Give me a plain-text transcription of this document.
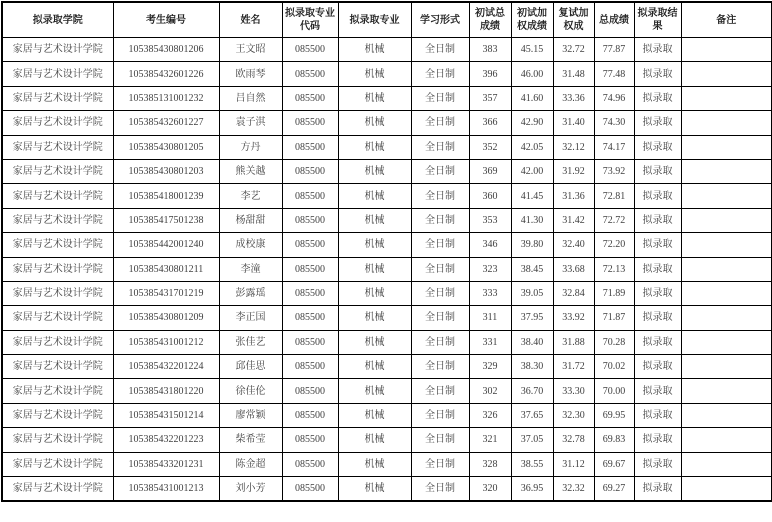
拟录取学院	考生编号	姓名	拟录取专业代码	拟录取专业	学习形式	初试总成绩	初试加权成绩	复试加权成	总成绩	拟录取结果	备注
家居与艺术设计学院	105385430801206	王文昭	085500	机械	全日制	383	45.15	32.72	77.87	拟录取	
家居与艺术设计学院	105385432601226	欧雨琴	085500	机械	全日制	396	46.00	31.48	77.48	拟录取	
家居与艺术设计学院	105385131001232	吕自然	085500	机械	全日制	357	41.60	33.36	74.96	拟录取	
家居与艺术设计学院	105385432601227	袁子淇	085500	机械	全日制	366	42.90	31.40	74.30	拟录取	
家居与艺术设计学院	105385430801205	方丹	085500	机械	全日制	352	42.05	32.12	74.17	拟录取	
家居与艺术设计学院	105385430801203	熊关越	085500	机械	全日制	369	42.00	31.92	73.92	拟录取	
家居与艺术设计学院	105385418001239	李艺	085500	机械	全日制	360	41.45	31.36	72.81	拟录取	
家居与艺术设计学院	105385417501238	杨甜甜	085500	机械	全日制	353	41.30	31.42	72.72	拟录取	
家居与艺术设计学院	105385442001240	成校康	085500	机械	全日制	346	39.80	32.40	72.20	拟录取	
家居与艺术设计学院	105385430801211	李潼	085500	机械	全日制	323	38.45	33.68	72.13	拟录取	
家居与艺术设计学院	105385431701219	彭露瑶	085500	机械	全日制	333	39.05	32.84	71.89	拟录取	
家居与艺术设计学院	105385430801209	李正国	085500	机械	全日制	311	37.95	33.92	71.87	拟录取	
家居与艺术设计学院	105385431001212	张佳艺	085500	机械	全日制	331	38.40	31.88	70.28	拟录取	
家居与艺术设计学院	105385432201224	邱佳思	085500	机械	全日制	329	38.30	31.72	70.02	拟录取	
家居与艺术设计学院	105385431801220	徐佳伦	085500	机械	全日制	302	36.70	33.30	70.00	拟录取	
家居与艺术设计学院	105385431501214	廖常颖	085500	机械	全日制	326	37.65	32.30	69.95	拟录取	
家居与艺术设计学院	105385432201223	柴希莹	085500	机械	全日制	321	37.05	32.78	69.83	拟录取	
家居与艺术设计学院	105385433201231	陈金超	085500	机械	全日制	328	38.55	31.12	69.67	拟录取	
家居与艺术设计学院	105385431001213	刘小芳	085500	机械	全日制	320	36.95	32.32	69.27	拟录取	
